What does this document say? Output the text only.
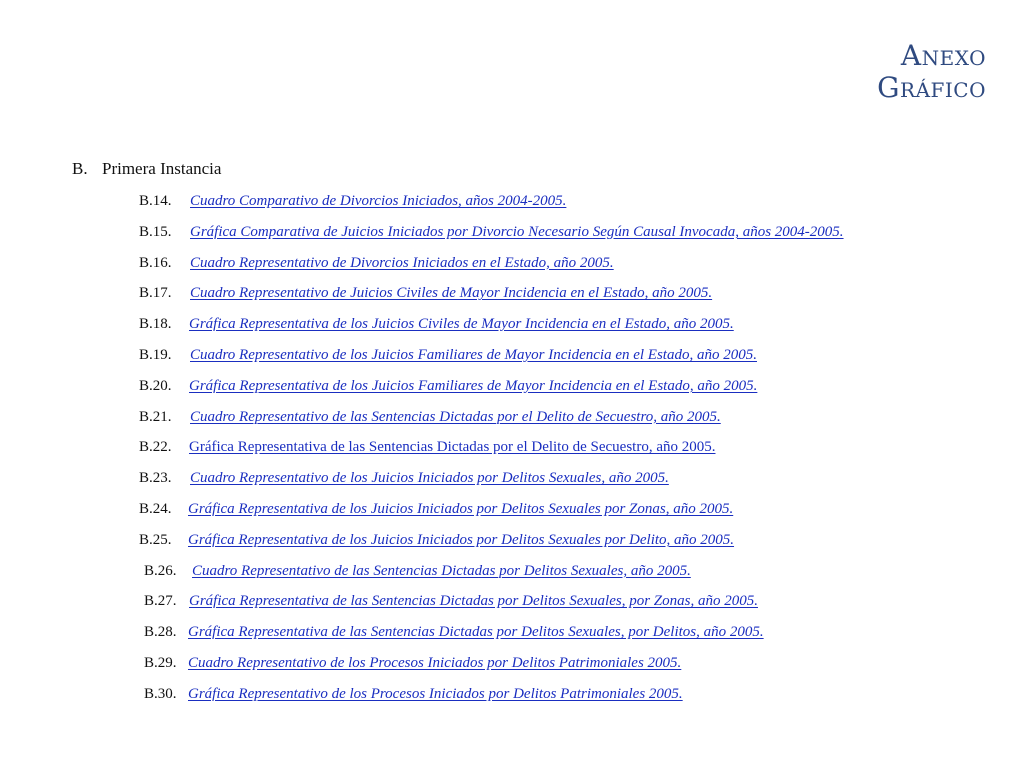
Anexo
Gráfico
B. Primera Instancia
B.14. Cuadro Comparativo de Divorcios Iniciados, años 2004-2005.
B.15. Gráfica Comparativa de Juicios Iniciados por Divorcio Necesario Según Causal Invocada, años 2004-2005.
B.16. Cuadro Representativo de Divorcios Iniciados en el Estado, año 2005.
B.17. Cuadro Representativo de Juicios Civiles de Mayor Incidencia en el Estado, año 2005.
B.18. Gráfica Representativa de los Juicios Civiles de Mayor Incidencia en el Estado, año 2005.
B.19. Cuadro Representativo de los Juicios Familiares de Mayor Incidencia en el Estado, año 2005.
B.20. Gráfica Representativa de los Juicios Familiares de Mayor Incidencia en el Estado, año 2005.
B.21. Cuadro Representativo de las Sentencias Dictadas por el Delito de Secuestro, año 2005.
B.22. Gráfica Representativa de las Sentencias Dictadas por el Delito de Secuestro, año 2005.
B.23. Cuadro Representativo de los Juicios Iniciados por Delitos Sexuales, año 2005.
B.24. Gráfica Representativa de los Juicios Iniciados por Delitos Sexuales por Zonas, año 2005.
B.25. Gráfica Representativa de los Juicios Iniciados por Delitos Sexuales por Delito, año 2005.
B.26. Cuadro Representativo de las Sentencias Dictadas por Delitos Sexuales, año 2005.
B.27. Gráfica Representativa de las Sentencias Dictadas por Delitos Sexuales, por Zonas, año 2005.
B.28. Gráfica Representativa de las Sentencias Dictadas por Delitos Sexuales, por Delitos, año 2005.
B.29. Cuadro Representativo de los Procesos Iniciados por Delitos Patrimoniales 2005.
B.30. Gráfica Representativo de los Procesos Iniciados por Delitos Patrimoniales 2005.
